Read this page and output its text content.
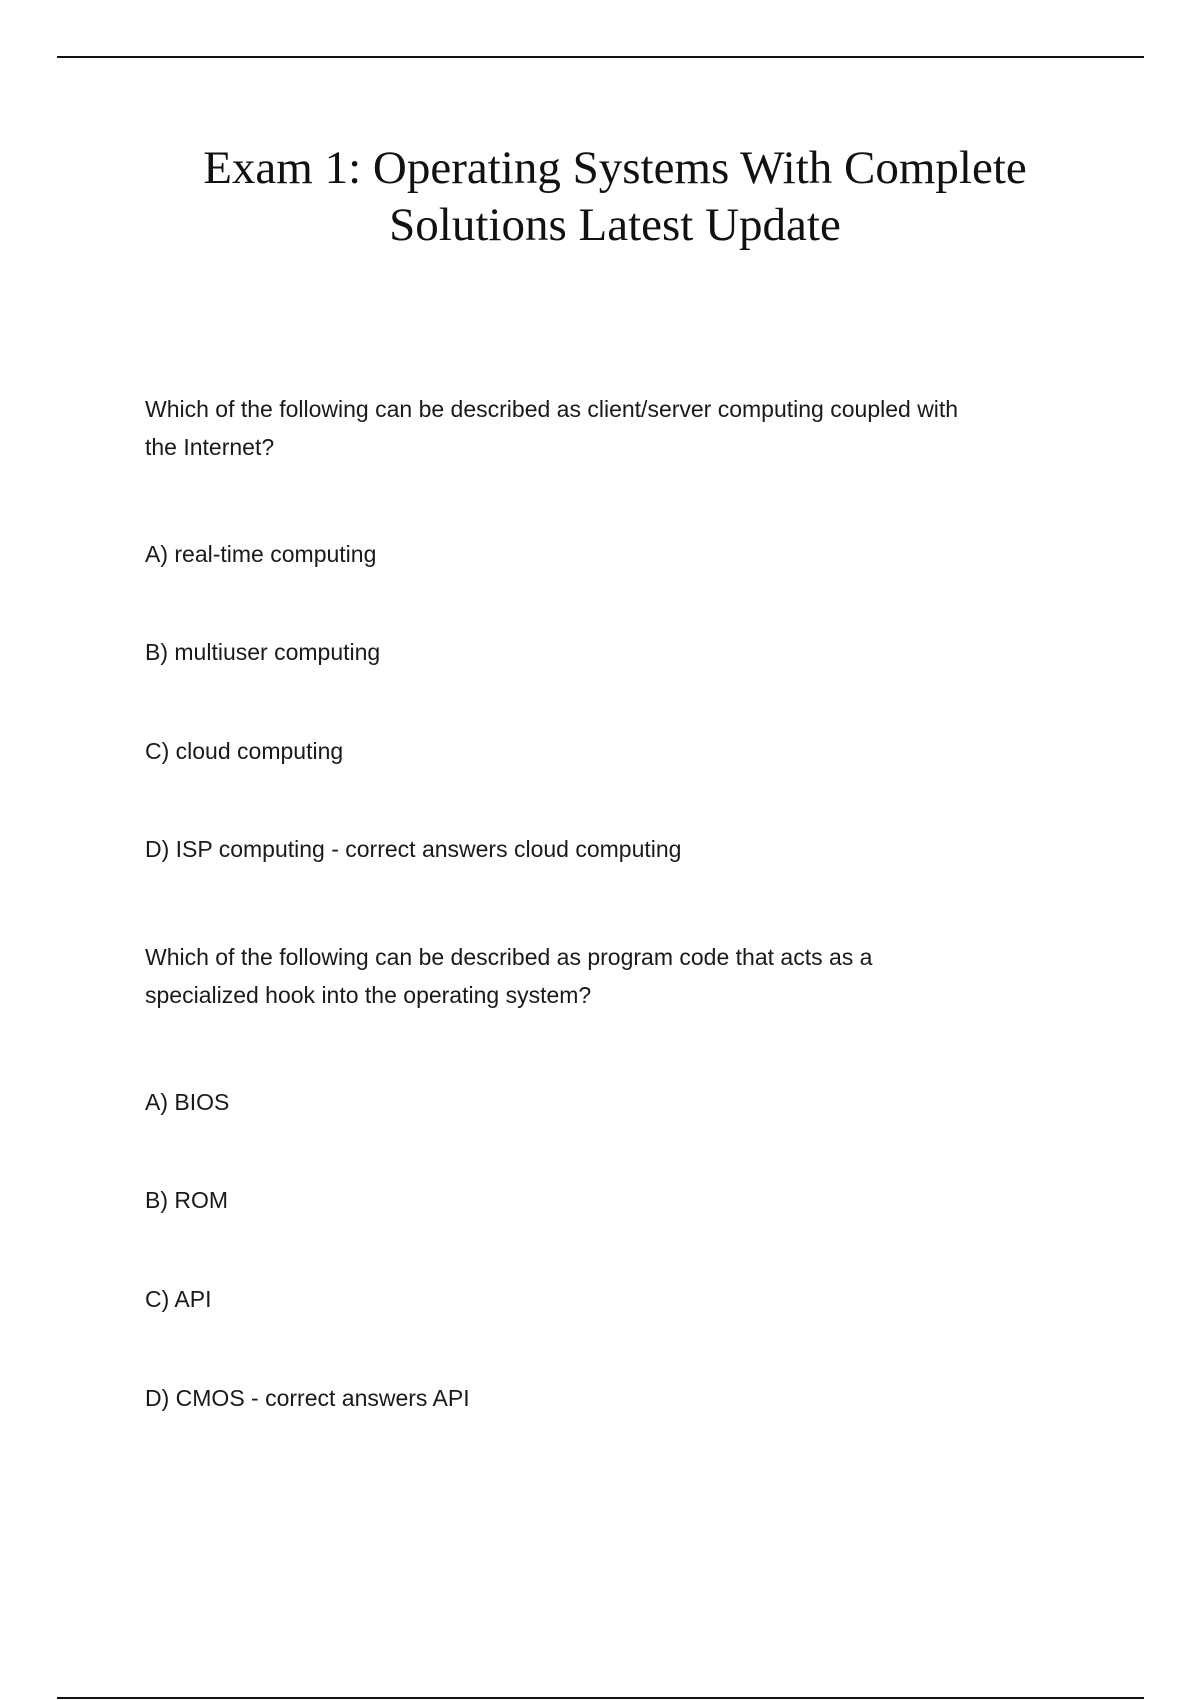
Exam 1: Operating Systems With Complete
Solutions Latest Update

Which of the following can be described as client/server computing coupled with
the Internet?

A) real-time computing

B) multiuser computing

C) cloud computing

D) ISP computing - correct answers cloud computing

Which of the following can be described as program code that acts as a
specialized hook into the operating system?

A) BIOS

B) ROM

C) API

D) CMOS - correct answers API
